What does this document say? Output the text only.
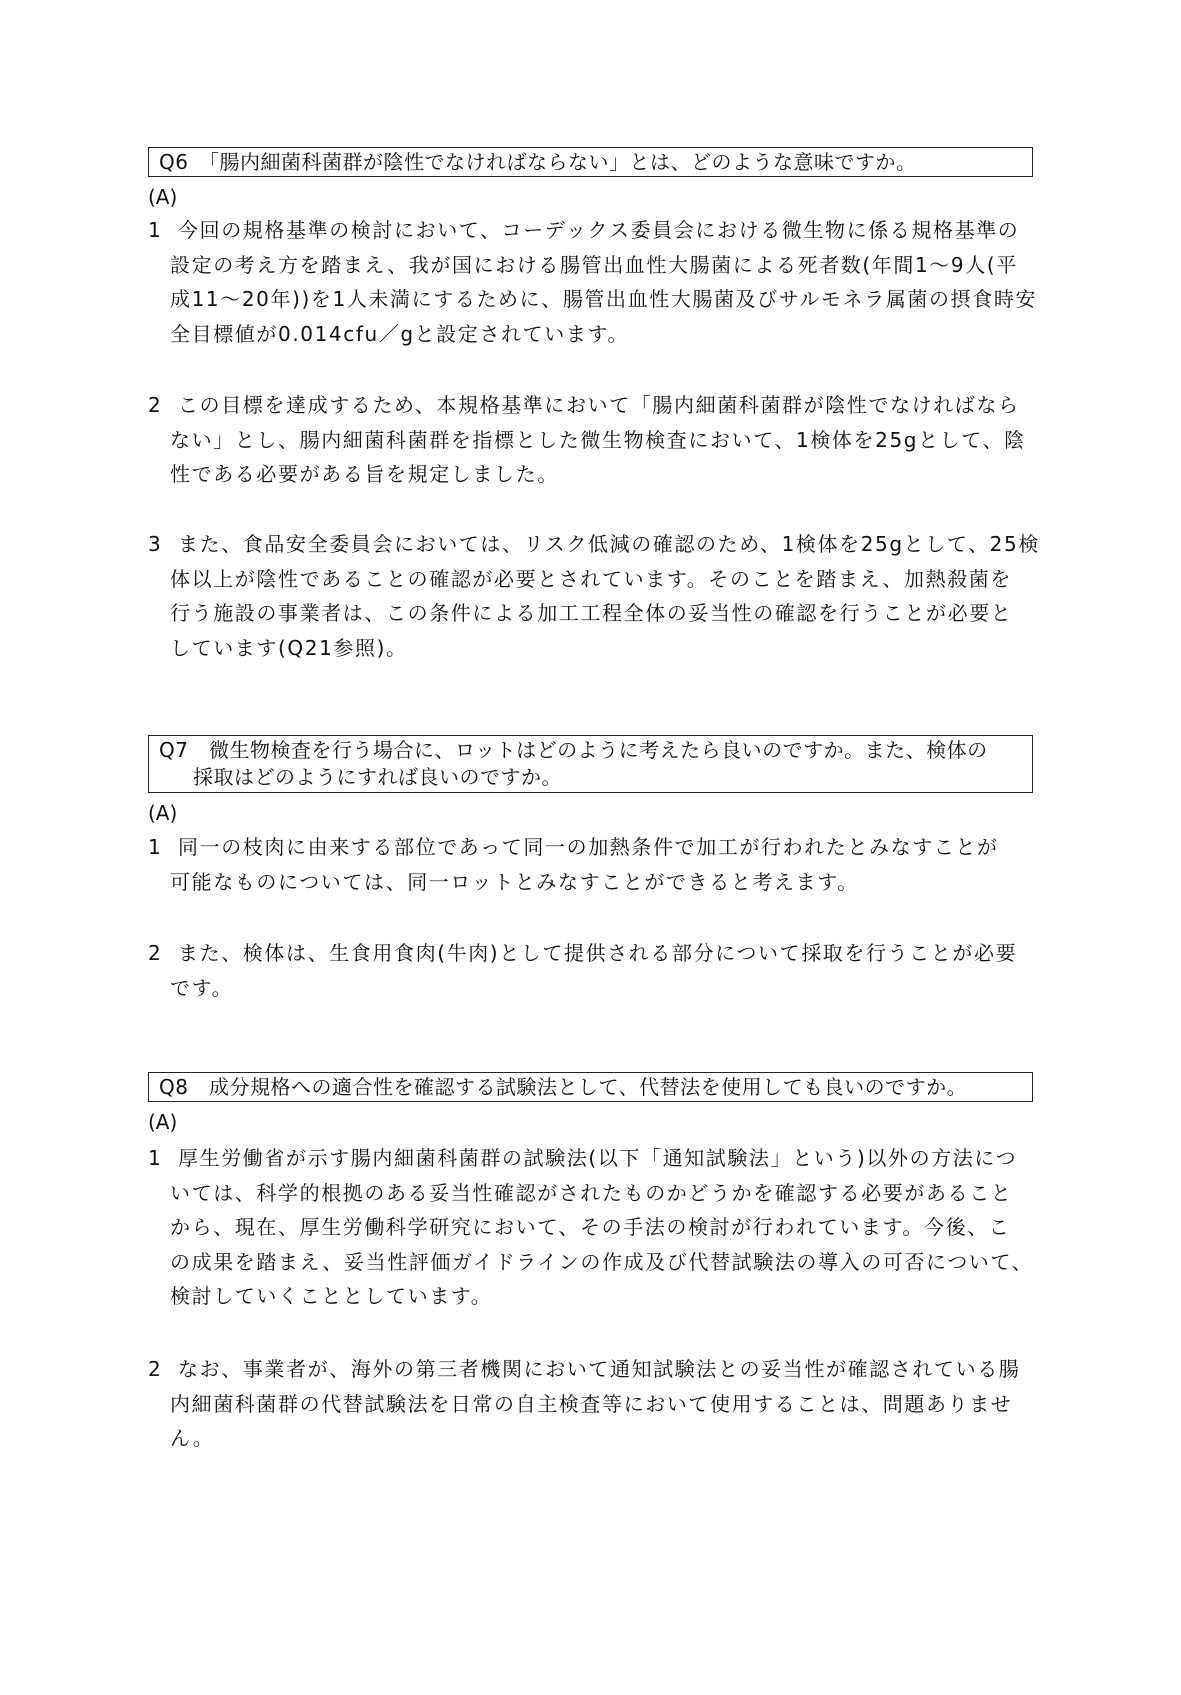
Q6　「腸内細菌科菌群が陰性でなければならない」とは、どのような意味ですか。
(A)
1 今回の規格基準の検討において、コーデックス委員会における微生物に係る規格基準の
設定の考え方を踏まえ、我が国における腸管出血性大腸菌による死者数(年間1～9人(平
成11～20年))を1人未満にするために、腸管出血性大腸菌及びサルモネラ属菌の摂食時安
全目標値が0.014cfu／gと設定されています。
2 この目標を達成するため、本規格基準において「腸内細菌科菌群が陰性でなければなら
ない」とし、腸内細菌科菌群を指標とした微生物検査において、1検体を25gとして、陰
性である必要がある旨を規定しました。
3 また、食品安全委員会においては、リスク低減の確認のため、1検体を25gとして、25検
体以上が陰性であることの確認が必要とされています。そのことを踏まえ、加熱殺菌を
行う施設の事業者は、この条件による加工工程全体の妥当性の確認を行うことが必要と
しています(Q21参照)。
Q7　微生物検査を行う場合に、ロットはどのように考えたら良いのですか。また、検体の
採取はどのようにすれば良いのですか。
(A)
1 同一の枝肉に由来する部位であって同一の加熱条件で加工が行われたとみなすことが
可能なものについては、同一ロットとみなすことができると考えます。
2 また、検体は、生食用食肉(牛肉)として提供される部分について採取を行うことが必要
です。
Q8　成分規格への適合性を確認する試験法として、代替法を使用しても良いのですか。
(A)
1 厚生労働省が示す腸内細菌科菌群の試験法(以下「通知試験法」という)以外の方法につ
いては、科学的根拠のある妥当性確認がされたものかどうかを確認する必要があること
から、現在、厚生労働科学研究において、その手法の検討が行われています。今後、こ
の成果を踏まえ、妥当性評価ガイドラインの作成及び代替試験法の導入の可否について、
検討していくこととしています。
2 なお、事業者が、海外の第三者機関において通知試験法との妥当性が確認されている腸
内細菌科菌群の代替試験法を日常の自主検査等において使用することは、問題ありませ
ん。
